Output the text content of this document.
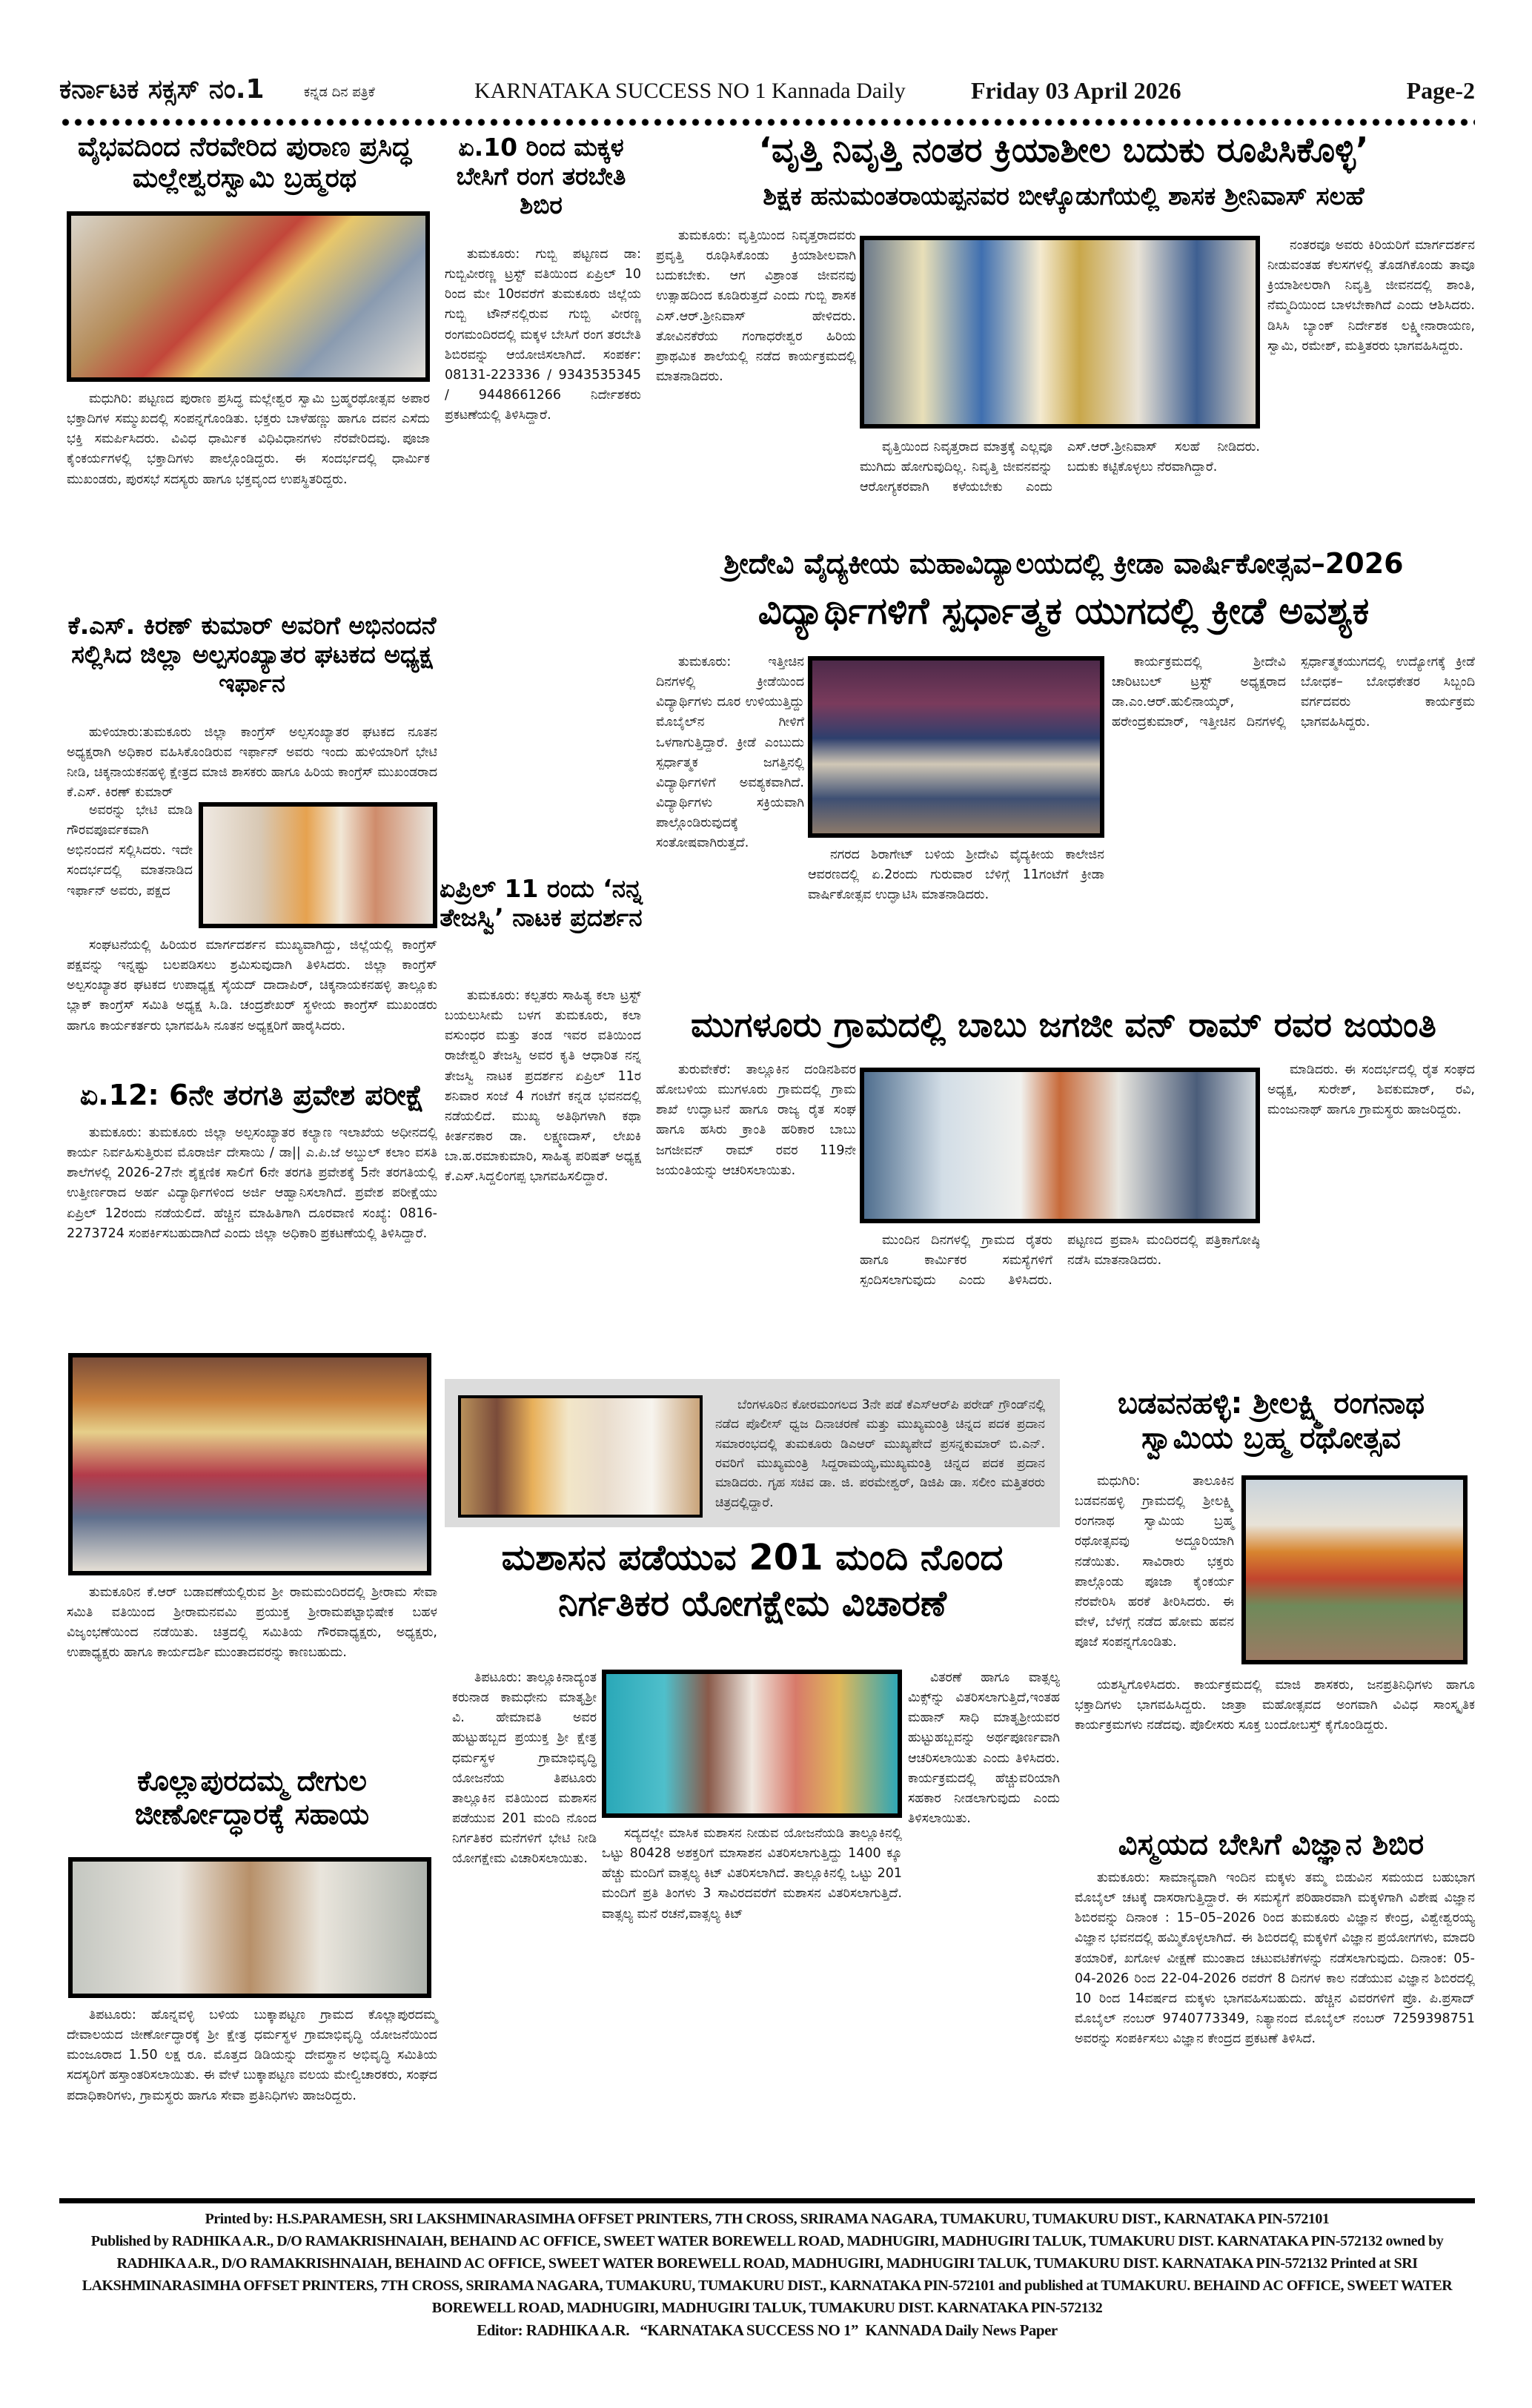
ಕರ್ನಾಟಕ ಸಕ್ಸಸ್ ನಂ.1	ಕನ್ನಡ ದಿನ ಪತ್ರಿಕೆ	KARNATAKA SUCCESS NO 1 Kannada Daily	Friday 03 April 2026	Page-2
ವೈಭವದಿಂದ ನೆರವೇರಿದ ಪುರಾಣ ಪ್ರಸಿದ್ಧ ಮಲ್ಲೇಶ್ವರಸ್ವಾಮಿ ಬ್ರಹ್ಮರಥ

ಮಧುಗಿರಿ: ಪಟ್ಟಣದ ಪುರಾಣ ಪ್ರಸಿದ್ಧ ಮಲ್ಲೇಶ್ವರ ಸ್ವಾಮಿ ಬ್ರಹ್ಮರಥೋತ್ಸವ ಅಪಾರ ಭಕ್ತಾದಿಗಳ ಸಮ್ಮುಖದಲ್ಲಿ ಸಂಪನ್ನಗೊಂಡಿತು. ಭಕ್ತರು ಬಾಳೆಹಣ್ಣು ಹಾಗೂ ದವನ ಎಸೆದು ಭಕ್ತಿ ಸಮರ್ಪಿಸಿದರು. ವಿವಿಧ ಧಾರ್ಮಿಕ ವಿಧಿವಿಧಾನಗಳು ನೆರವೇರಿದವು. ಪೂಜಾ ಕೈಂಕರ್ಯಗಳಲ್ಲಿ ಭಕ್ತಾದಿಗಳು ಪಾಲ್ಗೊಂಡಿದ್ದರು. ಈ ಸಂದರ್ಭದಲ್ಲಿ ಧಾರ್ಮಿಕ ಮುಖಂಡರು, ಪುರಸಭೆ ಸದಸ್ಯರು ಹಾಗೂ ಭಕ್ತವೃಂದ ಉಪಸ್ಥಿತರಿದ್ದರು.

ಕೆ.ಎಸ್. ಕಿರಣ್ ಕುಮಾರ್ ಅವರಿಗೆ ಅಭಿನಂದನೆ ಸಲ್ಲಿಸಿದ ಜಿಲ್ಲಾ ಅಲ್ಪಸಂಖ್ಯಾತರ ಘಟಕದ ಅಧ್ಯಕ್ಷ ಇರ್ಫಾನ

ಹುಳಿಯಾರು:ತುಮಕೂರು ಜಿಲ್ಲಾ ಕಾಂಗ್ರೆಸ್ ಅಲ್ಪಸಂಖ್ಯಾತರ ಘಟಕದ ನೂತನ ಅಧ್ಯಕ್ಷರಾಗಿ ಅಧಿಕಾರ ವಹಿಸಿಕೊಂಡಿರುವ ಇರ್ಫಾನ್ ಅವರು ಇಂದು ಹುಳಿಯಾರಿಗೆ ಭೇಟಿ ನೀಡಿ, ಚಿಕ್ಕನಾಯಕನಹಳ್ಳಿ ಕ್ಷೇತ್ರದ ಮಾಜಿ ಶಾಸಕರು ಹಾಗೂ ಹಿರಿಯ ಕಾಂಗ್ರೆಸ್ ಮುಖಂಡರಾದ ಕೆ.ಎಸ್. ಕಿರಣ್ ಕುಮಾರ್

ಅವರನ್ನು ಭೇಟಿ ಮಾಡಿ ಗೌರವಪೂರ್ವಕವಾಗಿ ಅಭಿನಂದನೆ ಸಲ್ಲಿಸಿದರು. ಇದೇ ಸಂದರ್ಭದಲ್ಲಿ ಮಾತನಾಡಿದ ಇರ್ಫಾನ್ ಅವರು, ಪಕ್ಷದ

ಸಂಘಟನೆಯಲ್ಲಿ ಹಿರಿಯರ ಮಾರ್ಗದರ್ಶನ ಮುಖ್ಯವಾಗಿದ್ದು, ಜಿಲ್ಲೆಯಲ್ಲಿ ಕಾಂಗ್ರೆಸ್ ಪಕ್ಷವನ್ನು ಇನ್ನಷ್ಟು ಬಲಪಡಿಸಲು ಶ್ರಮಿಸುವುದಾಗಿ ತಿಳಿಸಿದರು. ಜಿಲ್ಲಾ ಕಾಂಗ್ರೆಸ್ ಅಲ್ಪಸಂಖ್ಯಾತರ ಘಟಕದ ಉಪಾಧ್ಯಕ್ಷ ಸೈಯದ್ ದಾದಾಪಿರ್, ಚಿಕ್ಕನಾಯಕನಹಳ್ಳಿ ತಾಲ್ಲೂಕು ಬ್ಲಾಕ್ ಕಾಂಗ್ರೆಸ್ ಸಮಿತಿ ಅಧ್ಯಕ್ಷ ಸಿ.ಡಿ. ಚಂದ್ರಶೇಖರ್ ಸ್ಥಳೀಯ ಕಾಂಗ್ರೆಸ್ ಮುಖಂಡರು ಹಾಗೂ ಕಾರ್ಯಕರ್ತರು ಭಾಗವಹಿಸಿ ನೂತನ ಅಧ್ಯಕ್ಷರಿಗೆ ಹಾರೈಸಿದರು.

ಏ.12: 6ನೇ ತರಗತಿ ಪ್ರವೇಶ ಪರೀಕ್ಷೆ

ತುಮಕೂರು: ತುಮಕೂರು ಜಿಲ್ಲಾ ಅಲ್ಪಸಂಖ್ಯಾತರ ಕಲ್ಯಾಣ ಇಲಾಖೆಯ ಅಧೀನದಲ್ಲಿ ಕಾರ್ಯ ನಿರ್ವಹಿಸುತ್ತಿರುವ ಮೊರಾರ್ಜಿ ದೇಸಾಯಿ / ಡಾ|| ಎ.ಪಿ.ಜೆ ಅಬ್ದುಲ್ ಕಲಾಂ ವಸತಿ ಶಾಲೆಗಳಲ್ಲಿ 2026-27ನೇ ಶೈಕ್ಷಣಿಕ ಸಾಲಿಗೆ 6ನೇ ತರಗತಿ ಪ್ರವೇಶಕ್ಕೆ 5ನೇ ತರಗತಿಯಲ್ಲಿ ಉತ್ತೀರ್ಣರಾದ ಅರ್ಹ ವಿದ್ಯಾರ್ಥಿಗಳಿಂದ ಅರ್ಜಿ ಆಹ್ವಾನಿಸಲಾಗಿದೆ. ಪ್ರವೇಶ ಪರೀಕ್ಷೆಯು ಏಪ್ರಿಲ್ 12ರಂದು ನಡೆಯಲಿದೆ. ಹೆಚ್ಚಿನ ಮಾಹಿತಿಗಾಗಿ ದೂರವಾಣಿ ಸಂಖ್ಯೆ: 0816-2273724 ಸಂಪರ್ಕಿಸಬಹುದಾಗಿದೆ ಎಂದು ಜಿಲ್ಲಾ ಅಧಿಕಾರಿ ಪ್ರಕಟಣೆಯಲ್ಲಿ ತಿಳಿಸಿದ್ದಾರೆ.

ತುಮಕೂರಿನ ಕೆ.ಆರ್ ಬಡಾವಣೆಯಲ್ಲಿರುವ ಶ್ರೀ ರಾಮಮಂದಿರದಲ್ಲಿ ಶ್ರೀರಾಮ ಸೇವಾ ಸಮಿತಿ ವತಿಯಿಂದ ಶ್ರೀರಾಮನವಮಿ ಪ್ರಯುಕ್ತ ಶ್ರೀರಾಮಪಟ್ಟಾಭಿಷೇಕ ಬಹಳ ವಿಜೃಂಭಣೆಯಿಂದ ನಡೆಯಿತು. ಚಿತ್ರದಲ್ಲಿ ಸಮಿತಿಯ ಗೌರವಾಧ್ಯಕ್ಷರು, ಅಧ್ಯಕ್ಷರು, ಉಪಾಧ್ಯಕ್ಷರು ಹಾಗೂ ಕಾರ್ಯದರ್ಶಿ ಮುಂತಾದವರನ್ನು ಕಾಣಬಹುದು.

ಕೊಲ್ಲಾಪುರದಮ್ಮ ದೇಗುಲ ಜೀರ್ಣೋದ್ಧಾರಕ್ಕೆ ಸಹಾಯ

ತಿಪಟೂರು: ಹೊನ್ನವಳ್ಳಿ ಬಳಿಯ ಬುಕ್ಕಾಪಟ್ಟಣ ಗ್ರಾಮದ ಕೊಲ್ಲಾಪುರದಮ್ಮ ದೇವಾಲಯದ ಜೀರ್ಣೋದ್ಧಾರಕ್ಕೆ ಶ್ರೀ ಕ್ಷೇತ್ರ ಧರ್ಮಸ್ಥಳ ಗ್ರಾಮಾಭಿವೃದ್ಧಿ ಯೋಜನೆಯಿಂದ ಮಂಜೂರಾದ 1.50 ಲಕ್ಷ ರೂ. ಮೊತ್ತದ ಡಿಡಿಯನ್ನು ದೇವಸ್ಥಾನ ಅಭಿವೃದ್ಧಿ ಸಮಿತಿಯ ಸದಸ್ಯರಿಗೆ ಹಸ್ತಾಂತರಿಸಲಾಯಿತು. ಈ ವೇಳೆ ಬುಕ್ಕಾಪಟ್ಟಣ ವಲಯ ಮೇಲ್ವಿಚಾರಕರು, ಸಂಘದ ಪದಾಧಿಕಾರಿಗಳು, ಗ್ರಾಮಸ್ಥರು ಹಾಗೂ ಸೇವಾ ಪ್ರತಿನಿಧಿಗಳು ಹಾಜರಿದ್ದರು.

ಏ.10 ರಿಂದ ಮಕ್ಕಳ ಬೇಸಿಗೆ ರಂಗ ತರಬೇತಿ ಶಿಬಿರ

ತುಮಕೂರು: ಗುಬ್ಬಿ ಪಟ್ಟಣದ ಡಾ: ಗುಬ್ಬಿವೀರಣ್ಣ ಟ್ರಸ್ಟ್ ವತಿಯಿಂದ ಏಪ್ರಿಲ್ 10 ರಿಂದ ಮೇ 10ರವರೆಗೆ ತುಮಕೂರು ಜಿಲ್ಲೆಯ ಗುಬ್ಬಿ ಟೌನ್‌ನಲ್ಲಿರುವ ಗುಬ್ಬಿ ವೀರಣ್ಣ ರಂಗಮಂದಿರದಲ್ಲಿ ಮಕ್ಕಳ ಬೇಸಿಗೆ ರಂಗ ತರಬೇತಿ ಶಿಬಿರವನ್ನು ಆಯೋಜಿಸಲಾಗಿದೆ. ಸಂಪರ್ಕ: 08131-223336 / 9343535345 / 9448661266 ನಿರ್ದೇಶಕರು ಪ್ರಕಟಣೆಯಲ್ಲಿ ತಿಳಿಸಿದ್ದಾರೆ.

ಏಪ್ರಿಲ್ 11 ರಂದು ‘ನನ್ನ ತೇಜಸ್ವಿ’ ನಾಟಕ ಪ್ರದರ್ಶನ

ತುಮಕೂರು: ಕಲ್ಪತರು ಸಾಹಿತ್ಯ ಕಲಾ ಟ್ರಸ್ಟ್ ಬಯಲುಸೀಮೆ ಬಳಗ ತುಮಕೂರು, ಕಲಾ ವಸುಂಧರ ಮತ್ತು ತಂಡ ಇವರ ವತಿಯಿಂದ ರಾಜೇಶ್ವರಿ ತೇಜಸ್ವಿ ಅವರ ಕೃತಿ ಆಧಾರಿತ ನನ್ನ ತೇಜಸ್ವಿ ನಾಟಕ ಪ್ರದರ್ಶನ ಏಪ್ರಿಲ್ 11ರ ಶನಿವಾರ ಸಂಜೆ 4 ಗಂಟೆಗೆ ಕನ್ನಡ ಭವನದಲ್ಲಿ ನಡೆಯಲಿದೆ. ಮುಖ್ಯ ಅತಿಥಿಗಳಾಗಿ ಕಥಾ ಕೀರ್ತನಕಾರ ಡಾ. ಲಕ್ಷ್ಮಣದಾಸ್, ಲೇಖಕಿ ಬಾ.ಹ.ರಮಾಕುಮಾರಿ, ಸಾಹಿತ್ಯ ಪರಿಷತ್ ಅಧ್ಯಕ್ಷ ಕೆ.ಎಸ್.ಸಿದ್ದಲಿಂಗಪ್ಪ ಭಾಗವಹಿಸಲಿದ್ದಾರೆ.

‘ವೃತ್ತಿ ನಿವೃತ್ತಿ ನಂತರ ಕ್ರಿಯಾಶೀಲ ಬದುಕು ರೂಪಿಸಿಕೊಳ್ಳಿ’
ಶಿಕ್ಷಕ ಹನುಮಂತರಾಯಪ್ಪನವರ ಬೀಳ್ಕೊಡುಗೆಯಲ್ಲಿ ಶಾಸಕ ಶ್ರೀನಿವಾಸ್ ಸಲಹೆ

ತುಮಕೂರು: ವೃತ್ತಿಯಿಂದ ನಿವೃತ್ತರಾದವರು ಪ್ರವೃತ್ತಿ ರೂಢಿಸಿಕೊಂಡು ಕ್ರಿಯಾಶೀಲವಾಗಿ ಬದುಕಬೇಕು. ಆಗ ವಿಶ್ರಾಂತ ಜೀವನವು ಉತ್ಸಾಹದಿಂದ ಕೂಡಿರುತ್ತದೆ ಎಂದು ಗುಬ್ಬಿ ಶಾಸಕ ಎಸ್.ಆರ್.ಶ್ರೀನಿವಾಸ್ ಹೇಳಿದರು. ತೋವಿನಕೆರೆಯ ಗಂಗಾಧರೇಶ್ವರ ಹಿರಿಯ ಪ್ರಾಥಮಿಕ ಶಾಲೆಯಲ್ಲಿ ನಡೆದ ಕಾರ್ಯಕ್ರಮದಲ್ಲಿ ಮಾತನಾಡಿದರು.

ವೃತ್ತಿಯಿಂದ ನಿವೃತ್ತರಾದ ಮಾತ್ರಕ್ಕೆ ಎಲ್ಲವೂ ಮುಗಿದು ಹೋಗುವುದಿಲ್ಲ. ನಿವೃತ್ತಿ ಜೀವನವನ್ನು ಆರೋಗ್ಯಕರವಾಗಿ ಕಳೆಯಬೇಕು ಎಂದು ಎಸ್.ಆರ್.ಶ್ರೀನಿವಾಸ್ ಸಲಹೆ ನೀಡಿದರು. ಬದುಕು ಕಟ್ಟಿಕೊಳ್ಳಲು ನೆರವಾಗಿದ್ದಾರೆ.

ನಂತರವೂ ಅವರು ಕಿರಿಯರಿಗೆ ಮಾರ್ಗದರ್ಶನ ನೀಡುವಂತಹ ಕೆಲಸಗಳಲ್ಲಿ ತೊಡಗಿಕೊಂಡು ತಾವೂ ಕ್ರಿಯಾಶೀಲರಾಗಿ ನಿವೃತ್ತಿ ಜೀವನದಲ್ಲಿ ಶಾಂತಿ, ನೆಮ್ಮದಿಯಿಂದ ಬಾಳಬೇಕಾಗಿದೆ ಎಂದು ಆಶಿಸಿದರು. ಡಿಸಿಸಿ ಬ್ಯಾಂಕ್ ನಿರ್ದೇಶಕ ಲಕ್ಷ್ಮೀನಾರಾಯಣ, ಸ್ವಾಮಿ, ರಮೇಶ್, ಮತ್ತಿತರರು ಭಾಗವಹಿಸಿದ್ದರು.

ಶ್ರೀದೇವಿ ವೈದ್ಯಕೀಯ ಮಹಾವಿದ್ಯಾಲಯದಲ್ಲಿ ಕ್ರೀಡಾ ವಾರ್ಷಿಕೋತ್ಸವ–2026
ವಿದ್ಯಾರ್ಥಿಗಳಿಗೆ ಸ್ಪರ್ಧಾತ್ಮಕ ಯುಗದಲ್ಲಿ ಕ್ರೀಡೆ ಅವಶ್ಯಕ

ತುಮಕೂರು: ಇತ್ತೀಚಿನ ದಿನಗಳಲ್ಲಿ ಕ್ರೀಡೆಯಿಂದ ವಿದ್ಯಾರ್ಥಿಗಳು ದೂರ ಉಳಿಯುತ್ತಿದ್ದು ಮೊಬೈಲ್‌ನ ಗೀಳಿಗೆ ಒಳಗಾಗುತ್ತಿದ್ದಾರೆ. ಕ್ರೀಡೆ ಎಂಬುದು ಸ್ಪರ್ಧಾತ್ಮಕ ಜಗತ್ತಿನಲ್ಲಿ ವಿದ್ಯಾರ್ಥಿಗಳಿಗೆ ಅವಶ್ಯಕವಾಗಿದೆ. ವಿದ್ಯಾರ್ಥಿಗಳು ಸಕ್ರಿಯವಾಗಿ ಪಾಲ್ಗೊಂಡಿರುವುದಕ್ಕೆ ಸಂತೋಷವಾಗಿರುತ್ತದೆ.

ನಗರದ ಶಿರಾಗೇಟ್ ಬಳಿಯ ಶ್ರೀದೇವಿ ವೈದ್ಯಕೀಯ ಕಾಲೇಜಿನ ಆವರಣದಲ್ಲಿ ಏ.2ರಂದು ಗುರುವಾರ ಬೆಳಿಗ್ಗೆ 11ಗಂಟೆಗೆ ಕ್ರೀಡಾ ವಾರ್ಷಿಕೋತ್ಸವ ಉದ್ಘಾಟಿಸಿ ಮಾತನಾಡಿದರು.

ಕಾರ್ಯಕ್ರಮದಲ್ಲಿ ಶ್ರೀದೇವಿ ಚಾರಿಟಬಲ್ ಟ್ರಸ್ಟ್ ಅಧ್ಯಕ್ಷರಾದ ಡಾ.ಎಂ.ಆರ್.ಹುಲಿನಾಯ್ಕರ್, ಹರೇಂದ್ರಕುಮಾರ್, ಇತ್ತೀಚಿನ ದಿನಗಳಲ್ಲಿ ಸ್ಪರ್ಧಾತ್ಮಕಯುಗದಲ್ಲಿ ಉದ್ಯೋಗಕ್ಕೆ ಕ್ರೀಡೆ ಬೋಧಕ– ಬೋಧಕೇತರ ಸಿಬ್ಬಂದಿ ವರ್ಗದವರು ಕಾರ್ಯಕ್ರಮ ಭಾಗವಹಿಸಿದ್ದರು.

ಮುಗಳೂರು ಗ್ರಾಮದಲ್ಲಿ ಬಾಬು ಜಗಜೀ ವನ್ ರಾಮ್ ರವರ ಜಯಂತಿ

ತುರುವೇಕೆರೆ: ತಾಲ್ಲೂಕಿನ ದಂಡಿನಶಿವರ ಹೋಬಳಿಯ ಮುಗಳೂರು ಗ್ರಾಮದಲ್ಲಿ ಗ್ರಾಮ ಶಾಖೆ ಉದ್ಘಾಟನೆ ಹಾಗೂ ರಾಜ್ಯ ರೈತ ಸಂಘ ಹಾಗೂ ಹಸಿರು ಕ್ರಾಂತಿ ಹರಿಕಾರ ಬಾಬು ಜಗಜೀವನ್ ರಾಮ್ ರವರ 119ನೇ ಜಯಂತಿಯನ್ನು ಆಚರಿಸಲಾಯಿತು.

ಮುಂದಿನ ದಿನಗಳಲ್ಲಿ ಗ್ರಾಮದ ರೈತರು ಹಾಗೂ ಕಾರ್ಮಿಕರ ಸಮಸ್ಯೆಗಳಿಗೆ ಸ್ಪಂದಿಸಲಾಗುವುದು ಎಂದು ತಿಳಿಸಿದರು. ಪಟ್ಟಣದ ಪ್ರವಾಸಿ ಮಂದಿರದಲ್ಲಿ ಪತ್ರಿಕಾಗೋಷ್ಠಿ ನಡೆಸಿ ಮಾತನಾಡಿದರು.

ಮಾಡಿದರು. ಈ ಸಂದರ್ಭದಲ್ಲಿ ರೈತ ಸಂಘದ ಅಧ್ಯಕ್ಷ, ಸುರೇಶ್, ಶಿವಕುಮಾರ್, ರವಿ, ಮಂಜುನಾಥ್ ಹಾಗೂ ಗ್ರಾಮಸ್ಥರು ಹಾಜರಿದ್ದರು.

ಬೆಂಗಳೂರಿನ ಕೋರಮಂಗಲದ 3ನೇ ಪಡೆ ಕೆಎಸ್‌ಆರ್‌ಪಿ ಪರೇಡ್ ಗ್ರೌಂಡ್‌ನಲ್ಲಿ ನಡೆದ ಪೊಲೀಸ್ ಧ್ವಜ ದಿನಾಚರಣೆ ಮತ್ತು ಮುಖ್ಯಮಂತ್ರಿ ಚಿನ್ನದ ಪದಕ ಪ್ರದಾನ ಸಮಾರಂಭದಲ್ಲಿ ತುಮಕೂರು ಡಿಎಆರ್ ಮುಖ್ಯಪೇದೆ ಪ್ರಸನ್ನಕುಮಾರ್ ಬಿ.ಎನ್. ರವರಿಗೆ ಮುಖ್ಯಮಂತ್ರಿ ಸಿದ್ದರಾಮಯ್ಯ,ಮುಖ್ಯಮಂತ್ರಿ ಚಿನ್ನದ ಪದಕ ಪ್ರದಾನ ಮಾಡಿದರು. ಗೃಹ ಸಚಿವ ಡಾ. ಜಿ. ಪರಮೇಶ್ವರ್, ಡಿಜಿಪಿ ಡಾ. ಸಲೀಂ ಮತ್ತಿತರರು ಚಿತ್ರದಲ್ಲಿದ್ದಾರೆ.

ಮಶಾಸನ ಪಡೆಯುವ 201 ಮಂದಿ ನೊಂದ ನಿರ್ಗತಿಕರ ಯೋಗಕ್ಷೇಮ ವಿಚಾರಣೆ

ತಿಪಟೂರು: ತಾಲ್ಲೂಕಿನಾದ್ಯಂತ ಕರುನಾಡ ಕಾಮಧೇನು ಮಾತೃಶ್ರೀ ವಿ. ಹೇಮಾವತಿ ಅವರ ಹುಟ್ಟುಹಬ್ಬದ ಪ್ರಯುಕ್ತ ಶ್ರೀ ಕ್ಷೇತ್ರ ಧರ್ಮಸ್ಥಳ ಗ್ರಾಮಾಭಿವೃದ್ಧಿ ಯೋಜನೆಯ ತಿಪಟೂರು ತಾಲ್ಲೂಕಿನ ವತಿಯಿಂದ ಮಶಾಸನ ಪಡೆಯುವ 201 ಮಂದಿ ನೊಂದ ನಿರ್ಗತಿಕರ ಮನೆಗಳಿಗೆ ಭೇಟಿ ನೀಡಿ ಯೋಗಕ್ಷೇಮ ವಿಚಾರಿಸಲಾಯಿತು.

ಸದ್ಯದಲ್ಲೇ ಮಾಸಿಕ ಮಶಾಸನ ನೀಡುವ ಯೋಜನೆಯಡಿ ತಾಲ್ಲೂಕಿನಲ್ಲಿ ಒಟ್ಟು 80428 ಅಶಕ್ತರಿಗೆ ಮಾಸಾಶನ ವಿತರಿಸಲಾಗುತ್ತಿದ್ದು 1400 ಕ್ಕೂ ಹೆಚ್ಚು ಮಂದಿಗೆ ವಾತ್ಸಲ್ಯ ಕಿಟ್ ವಿತರಿಸಲಾಗಿದೆ. ತಾಲ್ಲೂಕಿನಲ್ಲಿ ಒಟ್ಟು 201 ಮಂದಿಗೆ ಪ್ರತಿ ತಿಂಗಳು 3 ಸಾವಿರದವರೆಗೆ ಮಶಾಸನ ವಿತರಿಸಲಾಗುತ್ತಿದೆ. ವಾತ್ಸಲ್ಯ ಮನೆ ರಚನೆ,ವಾತ್ಸಲ್ಯ ಕಿಟ್

ವಿತರಣೆ ಹಾಗೂ ವಾತ್ಸಲ್ಯ ಮಿಕ್ಸ್‌ನ್ನು ವಿತರಿಸಲಾಗುತ್ತಿದೆ,ಇಂತಹ ಮಹಾನ್ ಸಾಧಿ ಮಾತೃಶ್ರೀಯವರ ಹುಟ್ಟುಹಬ್ಬವನ್ನು ಅರ್ಥಪೂರ್ಣವಾಗಿ ಆಚರಿಸಲಾಯಿತು ಎಂದು ತಿಳಿಸಿದರು. ಕಾರ್ಯಕ್ರಮದಲ್ಲಿ ಹೆಚ್ಚುವರಿಯಾಗಿ ಸಹಕಾರ ನೀಡಲಾಗುವುದು ಎಂದು ತಿಳಿಸಲಾಯಿತು.

ಬಡವನಹಳ್ಳಿ: ಶ್ರೀಲಕ್ಷ್ಮಿ ರಂಗನಾಥ ಸ್ವಾಮಿಯ ಬ್ರಹ್ಮ ರಥೋತ್ಸವ

ಮಧುಗಿರಿ: ತಾಲೂಕಿನ ಬಡವನಹಳ್ಳಿ ಗ್ರಾಮದಲ್ಲಿ ಶ್ರೀಲಕ್ಷ್ಮಿ ರಂಗನಾಥ ಸ್ವಾಮಿಯ ಬ್ರಹ್ಮ ರಥೋತ್ಸವವು ಅದ್ದೂರಿಯಾಗಿ ನಡೆಯಿತು. ಸಾವಿರಾರು ಭಕ್ತರು ಪಾಲ್ಗೊಂಡು ಪೂಜಾ ಕೈಂಕರ್ಯ ನೆರವೇರಿಸಿ ಹರಕೆ ತೀರಿಸಿದರು. ಈ ವೇಳೆ, ಬೆಳಗ್ಗೆ ನಡೆದ ಹೋಮ ಹವನ ಪೂಜೆ ಸಂಪನ್ನಗೊಂಡಿತು.

ಯಶಸ್ವಿಗೊಳಿಸಿದರು. ಕಾರ್ಯಕ್ರಮದಲ್ಲಿ ಮಾಜಿ ಶಾಸಕರು, ಜನಪ್ರತಿನಿಧಿಗಳು ಹಾಗೂ ಭಕ್ತಾದಿಗಳು ಭಾಗವಹಿಸಿದ್ದರು. ಜಾತ್ರಾ ಮಹೋತ್ಸವದ ಅಂಗವಾಗಿ ವಿವಿಧ ಸಾಂಸ್ಕೃತಿಕ ಕಾರ್ಯಕ್ರಮಗಳು ನಡೆದವು. ಪೊಲೀಸರು ಸೂಕ್ತ ಬಂದೋಬಸ್ತ್ ಕೈಗೊಂಡಿದ್ದರು.

ವಿಸ್ಮಯದ ಬೇಸಿಗೆ ವಿಜ್ಞಾನ ಶಿಬಿರ

ತುಮಕೂರು: ಸಾಮಾನ್ಯವಾಗಿ ಇಂದಿನ ಮಕ್ಕಳು ತಮ್ಮ ಬಿಡುವಿನ ಸಮಯದ ಬಹುಭಾಗ ಮೊಬೈಲ್ ಚಟಕ್ಕೆ ದಾಸರಾಗುತ್ತಿದ್ದಾರೆ. ಈ ಸಮಸ್ಯೆಗೆ ಪರಿಹಾರವಾಗಿ ಮಕ್ಕಳಿಗಾಗಿ ವಿಶೇಷ ವಿಜ್ಞಾನ ಶಿಬಿರವನ್ನು ದಿನಾಂಕ : 15–05–2026 ರಿಂದ ತುಮಕೂರು ವಿಜ್ಞಾನ ಕೇಂದ್ರ, ವಿಶ್ವೇಶ್ವರಯ್ಯ ವಿಜ್ಞಾನ ಭವನದಲ್ಲಿ ಹಮ್ಮಿಕೊಳ್ಳಲಾಗಿದೆ. ಈ ಶಿಬಿರದಲ್ಲಿ ಮಕ್ಕಳಿಗೆ ವಿಜ್ಞಾನ ಪ್ರಯೋಗಗಳು, ಮಾದರಿ ತಯಾರಿಕೆ, ಖಗೋಳ ವೀಕ್ಷಣೆ ಮುಂತಾದ ಚಟುವಟಿಕೆಗಳನ್ನು ನಡೆಸಲಾಗುವುದು. ದಿನಾಂಕ: 05-04-2026 ರಿಂದ 22-04-2026 ರವರೆಗೆ 8 ದಿನಗಳ ಕಾಲ ನಡೆಯುವ ವಿಜ್ಞಾನ ಶಿಬಿರದಲ್ಲಿ 10 ರಿಂದ 14ವರ್ಷದ ಮಕ್ಕಳು ಭಾಗವಹಿಸಬಹುದು. ಹೆಚ್ಚಿನ ವಿವರಗಳಿಗೆ ಪ್ರೊ. ಪಿ.ಪ್ರಸಾದ್ ಮೊಬೈಲ್ ನಂಬರ್ 9740773349, ನಿತ್ಯಾನಂದ ಮೊಬೈಲ್ ನಂಬರ್ 7259398751 ಅವರನ್ನು ಸಂಪರ್ಕಿಸಲು ವಿಜ್ಞಾನ ಕೇಂದ್ರದ ಪ್ರಕಟಣೆ ತಿಳಿಸಿದೆ.

Printed by: H.S.PARAMESH, SRI LAKSHMINARASIMHA OFFSET PRINTERS, 7TH CROSS, SRIRAMA NAGARA, TUMAKURU, TUMAKURU DIST., KARNATAKA PIN-572101
Published by RADHIKA A.R., D/O RAMAKRISHNAIAH, BEHAIND AC OFFICE, SWEET WATER BOREWELL ROAD, MADHUGIRI, MADHUGIRI TALUK, TUMAKURU DIST. KARNATAKA PIN-572132 owned by RADHIKA A.R., D/O RAMAKRISHNAIAH, BEHAIND AC OFFICE, SWEET WATER BOREWELL ROAD, MADHUGIRI, MADHUGIRI TALUK, TUMAKURU DIST. KARNATAKA PIN-572132 Printed at SRI LAKSHMINARASIMHA OFFSET PRINTERS, 7TH CROSS, SRIRAMA NAGARA, TUMAKURU, TUMAKURU DIST., KARNATAKA PIN-572101 and published at TUMAKURU. BEHAIND AC OFFICE, SWEET WATER BOREWELL ROAD, MADHUGIRI, MADHUGIRI TALUK, TUMAKURU DIST. KARNATAKA PIN-572132
Editor: RADHIKA A.R. “KARNATAKA SUCCESS NO 1” KANNADA Daily News Paper
